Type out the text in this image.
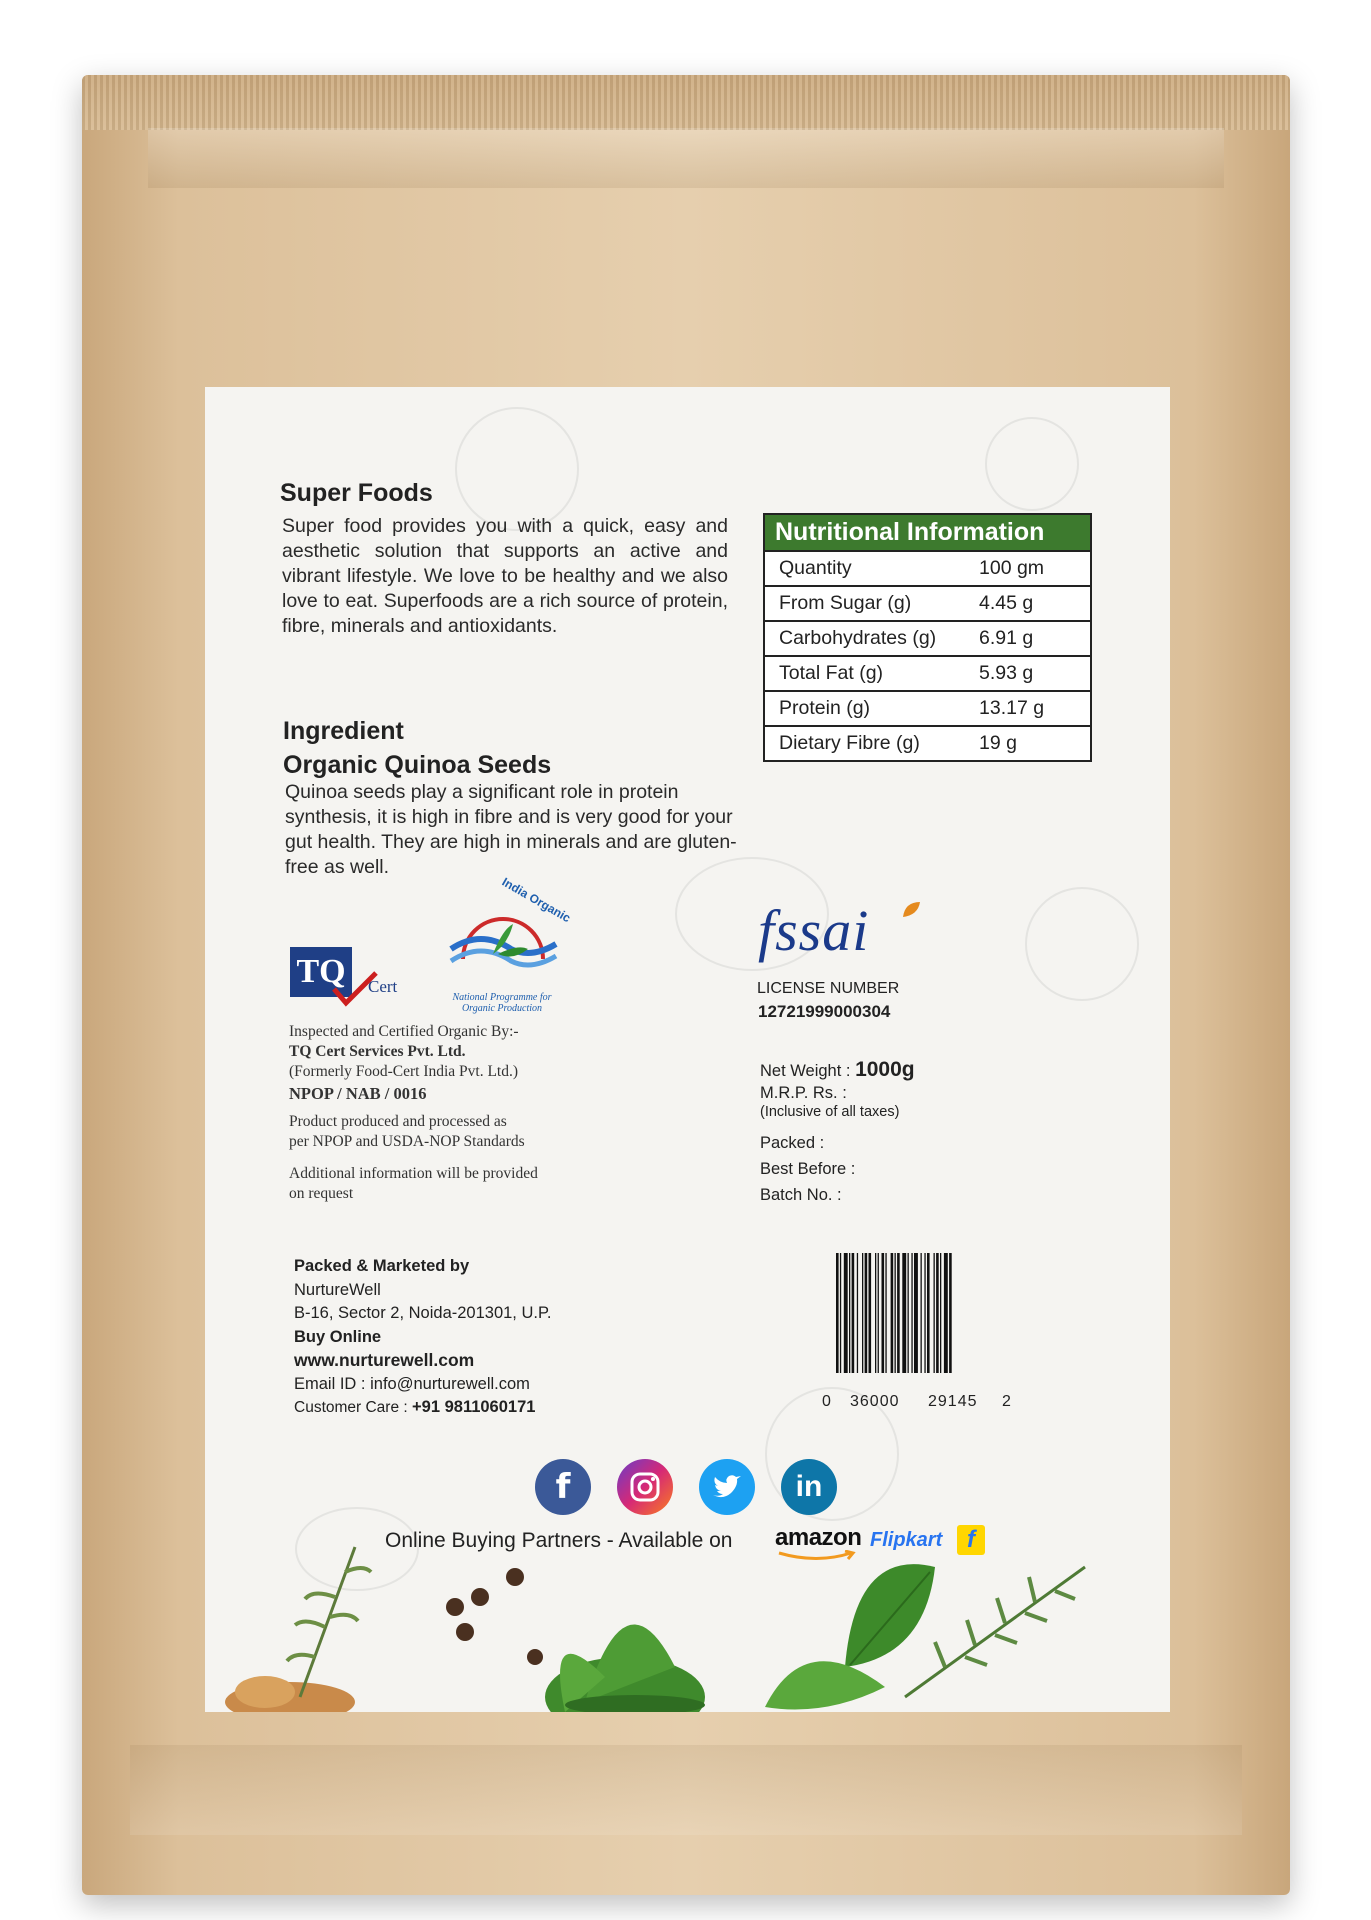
Super Foods
Super food provides you with a quick, easy and aesthetic solution that supports an active and vibrant lifestyle. We love to be healthy and we also love to eat. Superfoods are a rich source of protein, fibre, minerals and antioxidants.
Ingredient
Organic Quinoa Seeds
Quinoa seeds play a significant role in protein synthesis, it is high in fibre and is very good for your gut health. They are high in minerals and are gluten-free as well.
TQ	Cert
India Organic
National Programme for
Organic Production
Inspected and Certified Organic By:-
TQ Cert Services Pvt. Ltd.
(Formerly Food-Cert India Pvt. Ltd.)
NPOP / NAB / 0016
Product produced and processed as
per NPOP and USDA-NOP Standards
Additional information will be provided
on request
Packed & Marketed by
NurtureWell
B-16, Sector 2, Noida-201301, U.P.
Buy Online
www.nurturewell.com
Email ID : info@nurturewell.com
Customer Care : +91 9811060171
fssai
LICENSE NUMBER
12721999000304
Net Weight : 1000g
M.R.P. Rs. :
(Inclusive of all taxes)
Packed :
Best Before :
Batch No. :
f	in
Online Buying Partners - Available on amazon Flipkart	f
Nutritional Information
Quantity	100 gm
From Sugar (g)	4.45 g
Carbohydrates (g)	6.91 g
Total Fat (g)	5.93 g
Protein (g)	13.17 g
Dietary Fibre (g)	19 g
0 36000 29145 2
